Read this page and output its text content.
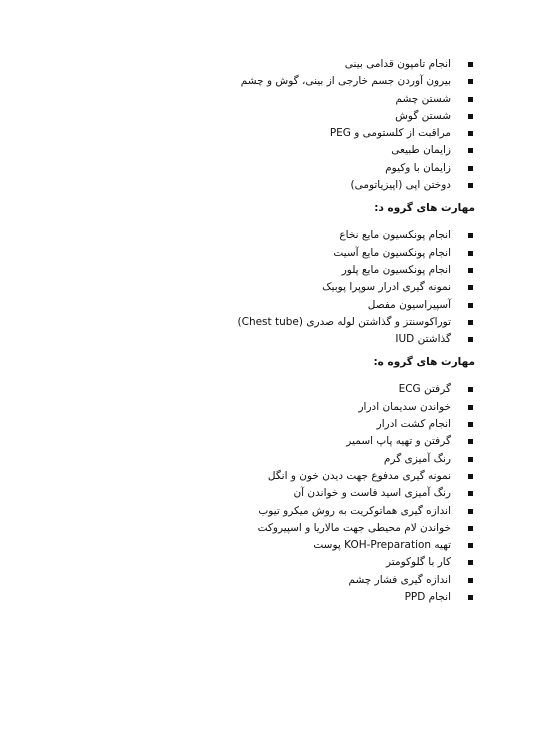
انجام تامپون قدامی بینی
بیرون آوردن جسم خارجی از بینی، گوش و چشم
شستن چشم
شستن گوش
مراقبت از کلستومی و PEG
زایمان طبیعی
زایمان با وکیوم
دوختن اپی (اپیزیاتومی)
مهارت های گروه د:
انجام پونکسیون مایع نخاع
انجام پونکسیون مایع آسیت
انجام پونکسیون مایع پلور
نمونه گیری ادرار سوپرا پوبیک
آسپیراسیون مفصل
توراکوسنتز و گذاشتن لوله صدری (Chest tube)
گذاشتن IUD
مهارت های گروه ه:
گرفتن ECG
خواندن سدیمان ادرار
انجام کشت ادرار
گرفتن و تهیه پاپ اسمیر
رنگ آمیزی گرم
نمونه گیری مدفوع جهت دیدن خون و انگل
رنگ آمیزی اسید فاست و خواندن آن
اندازه گیری هماتوکریت به روش میکرو تیوب
خواندن لام محیطی جهت مالاریا و اسپیروکت
تهیه KOH-Preparation پوست
کار با گلوکومتر
اندازه گیری فشار چشم
انجام PPD
